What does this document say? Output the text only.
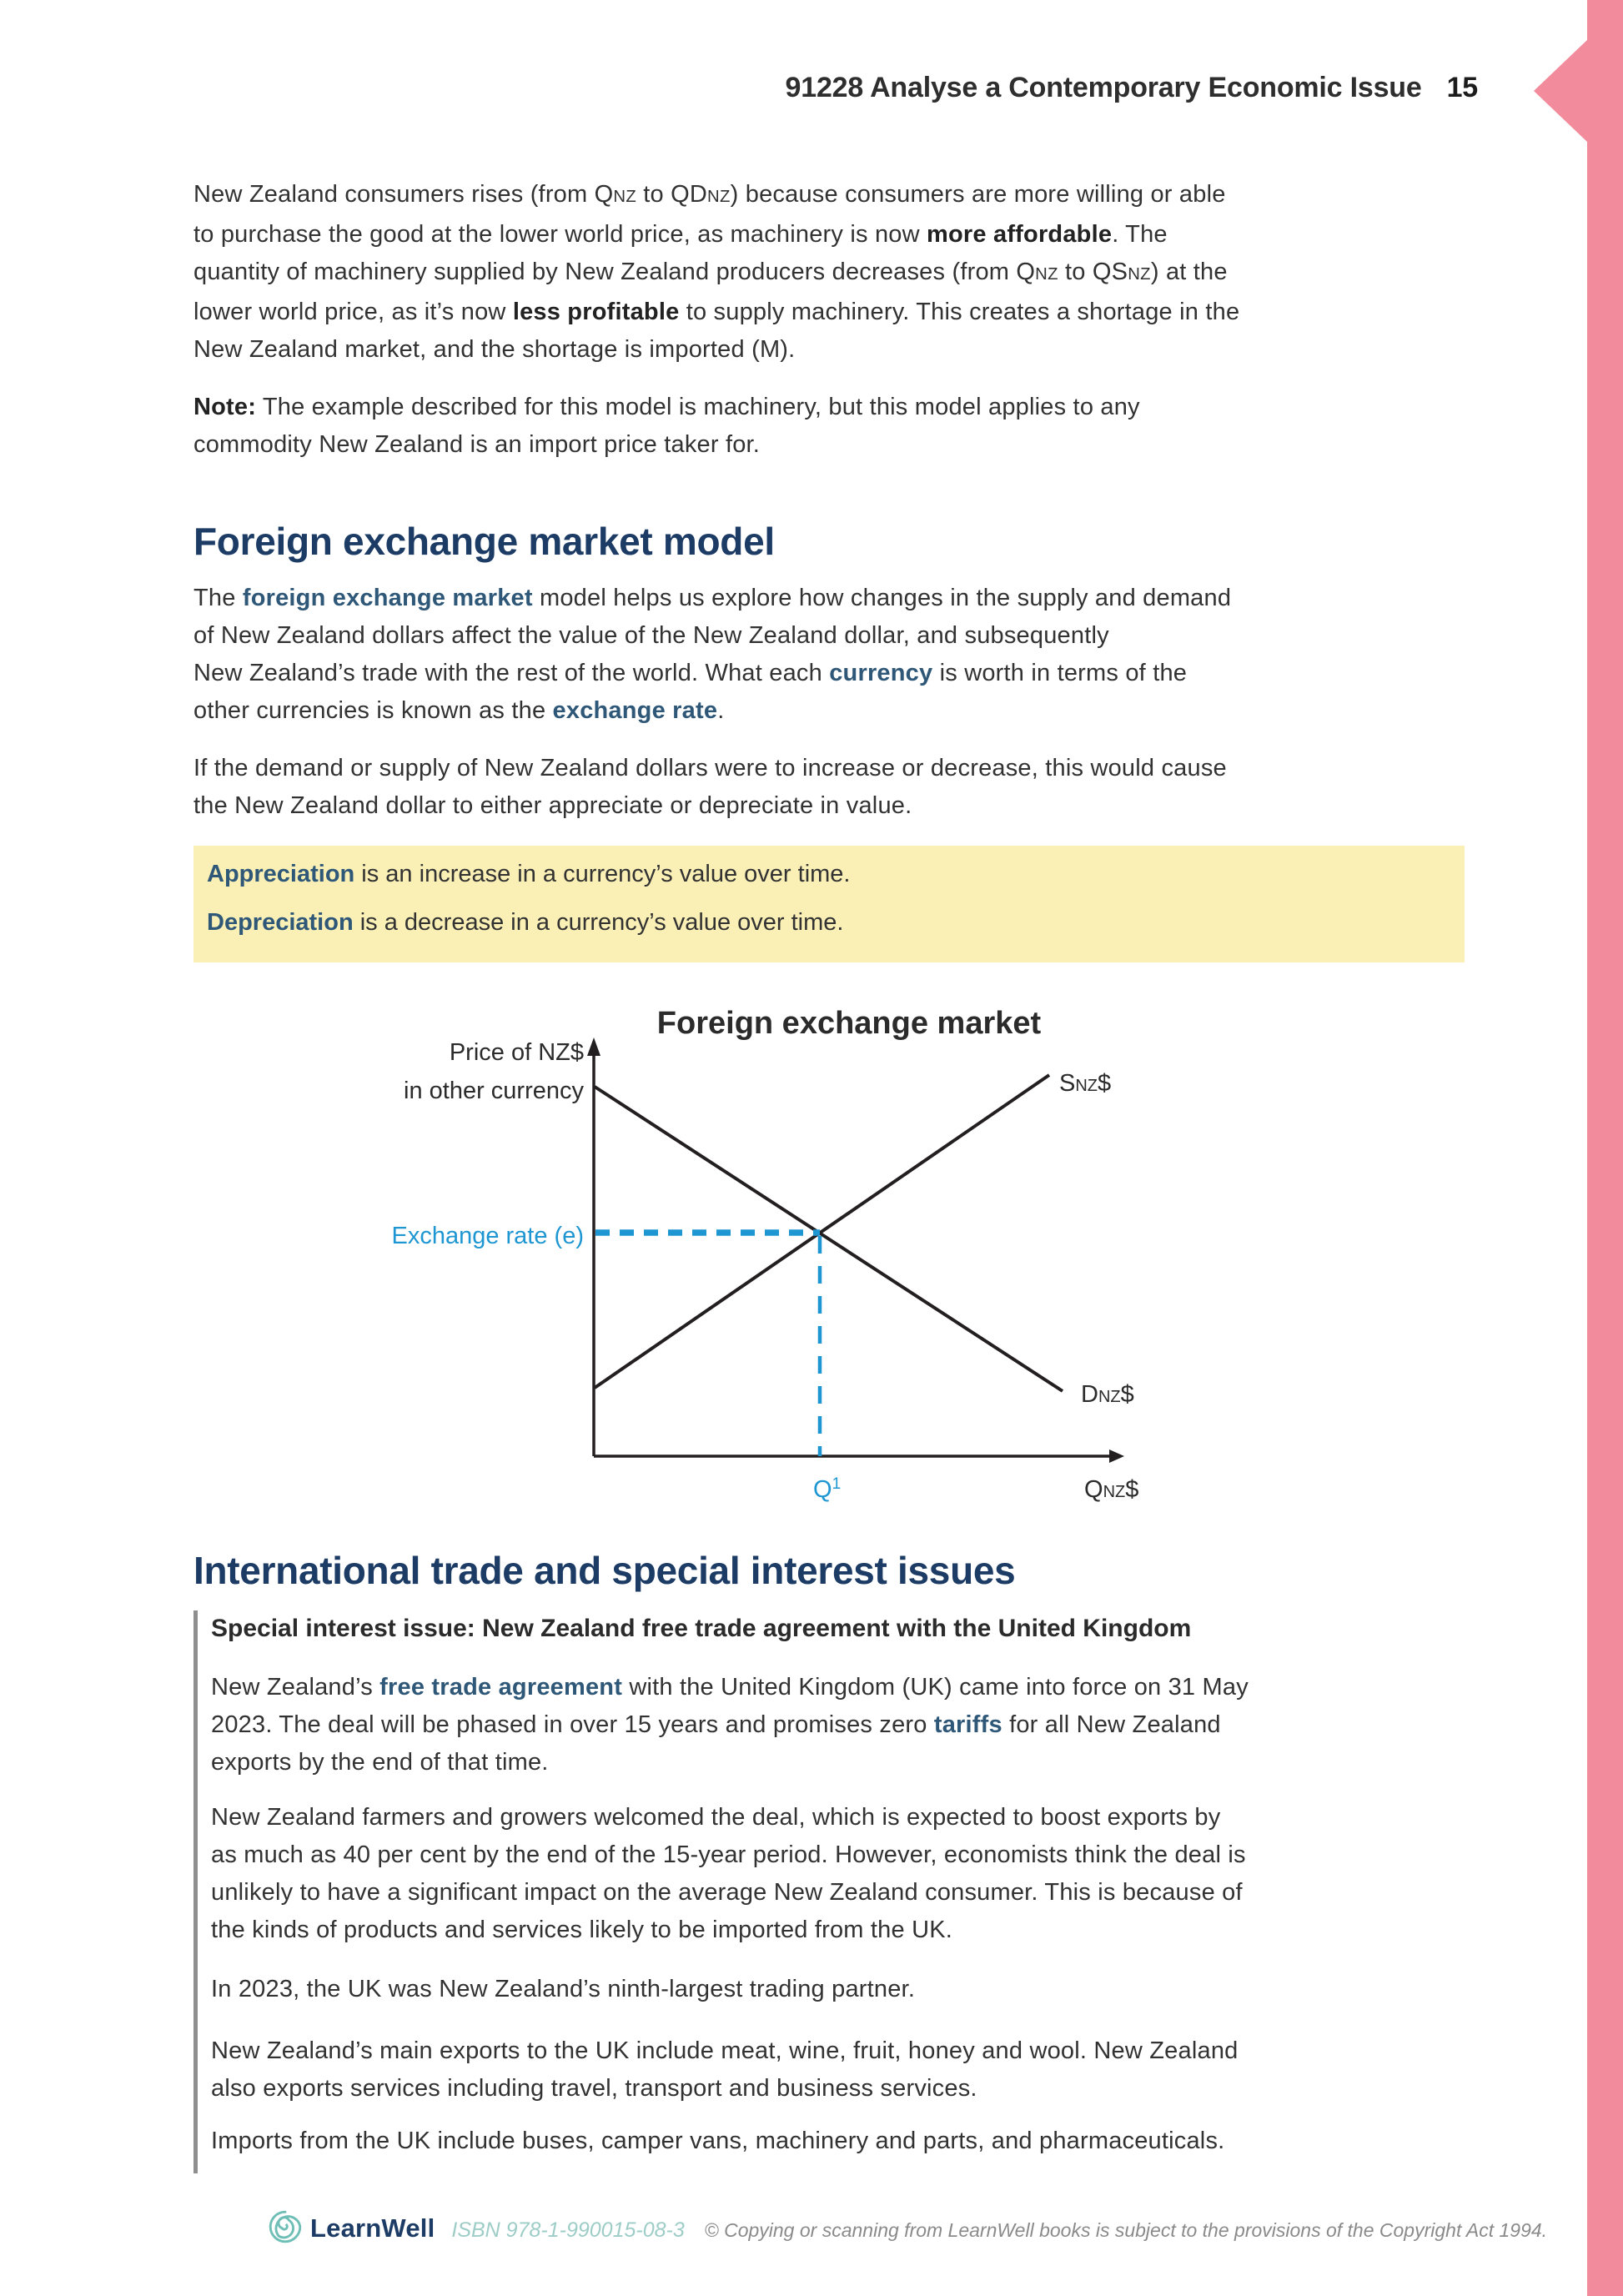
91228 Analyse a Contemporary Economic Issue 15
New Zealand consumers rises (from QNZ to QDNZ) because consumers are more willing or able
to purchase the good at the lower world price, as machinery is now more affordable. The
quantity of machinery supplied by New Zealand producers decreases (from QNZ to QSNZ) at the
lower world price, as it’s now less profitable to supply machinery. This creates a shortage in the
New Zealand market, and the shortage is imported (M).
Note: The example described for this model is machinery, but this model applies to any
commodity New Zealand is an import price taker for.
Foreign exchange market model
The foreign exchange market model helps us explore how changes in the supply and demand
of New Zealand dollars affect the value of the New Zealand dollar, and subsequently
New Zealand’s trade with the rest of the world. What each currency is worth in terms of the
other currencies is known as the exchange rate.
If the demand or supply of New Zealand dollars were to increase or decrease, this would cause
the New Zealand dollar to either appreciate or depreciate in value.

Appreciation is an increase in a currency’s value over time.

Depreciation is a decrease in a currency’s value over time.

Foreign exchange market
Price of NZ$
in other currency	SNZ$
DNZ$
Exchange rate (e)
$Q^1$	QNZ$
International trade and special interest issues

Special interest issue: New Zealand free trade agreement with the United Kingdom

New Zealand’s free trade agreement with the United Kingdom (UK) came into force on 31 May
2023. The deal will be phased in over 15 years and promises zero tariffs for all New Zealand
exports by the end of that time.

New Zealand farmers and growers welcomed the deal, which is expected to boost exports by
as much as 40 per cent by the end of the 15-year period. However, economists think the deal is
unlikely to have a significant impact on the average New Zealand consumer. This is because of
the kinds of products and services likely to be imported from the UK.

In 2023, the UK was New Zealand’s ninth-largest trading partner.

New Zealand’s main exports to the UK include meat, wine, fruit, honey and wool. New Zealand
also exports services including travel, transport and business services.

Imports from the UK include buses, camper vans, machinery and parts, and pharmaceuticals.

LearnWell ISBN 978-1-990015-08-3 © Copying or scanning from LearnWell books is subject to the provisions of the Copyright Act 1994.
